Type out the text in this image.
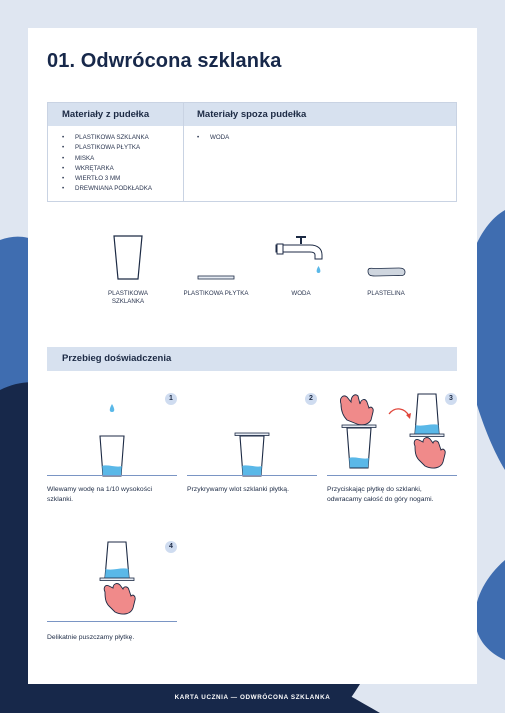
01. Odwrócona szklanka
Materiały z pudełka	Materiały spoza pudełka
• PLASTIKOWA SZKLANKA
• PLASTIKOWA PŁYTKA
• MISKA
• WKRĘTARKA
• WIERTŁO 3 MM
• DREWNIANA PODKŁADKA
• WODA
PLASTIKOWA SZKLANKA
PLASTIKOWA PŁYTKA	WODA	PLASTELINA
Przebieg doświadczenia
1
Wlewamy wodę na 1/10 wysokości szklanki.
2
Przykrywamy wlot szklanki płytką.
3
Przyciskając płytkę do szklanki, odwracamy całość do góry nogami.
4
Delikatnie puszczamy płytkę.
KARTA UCZNIA — ODWRÓCONA SZKLANKA
